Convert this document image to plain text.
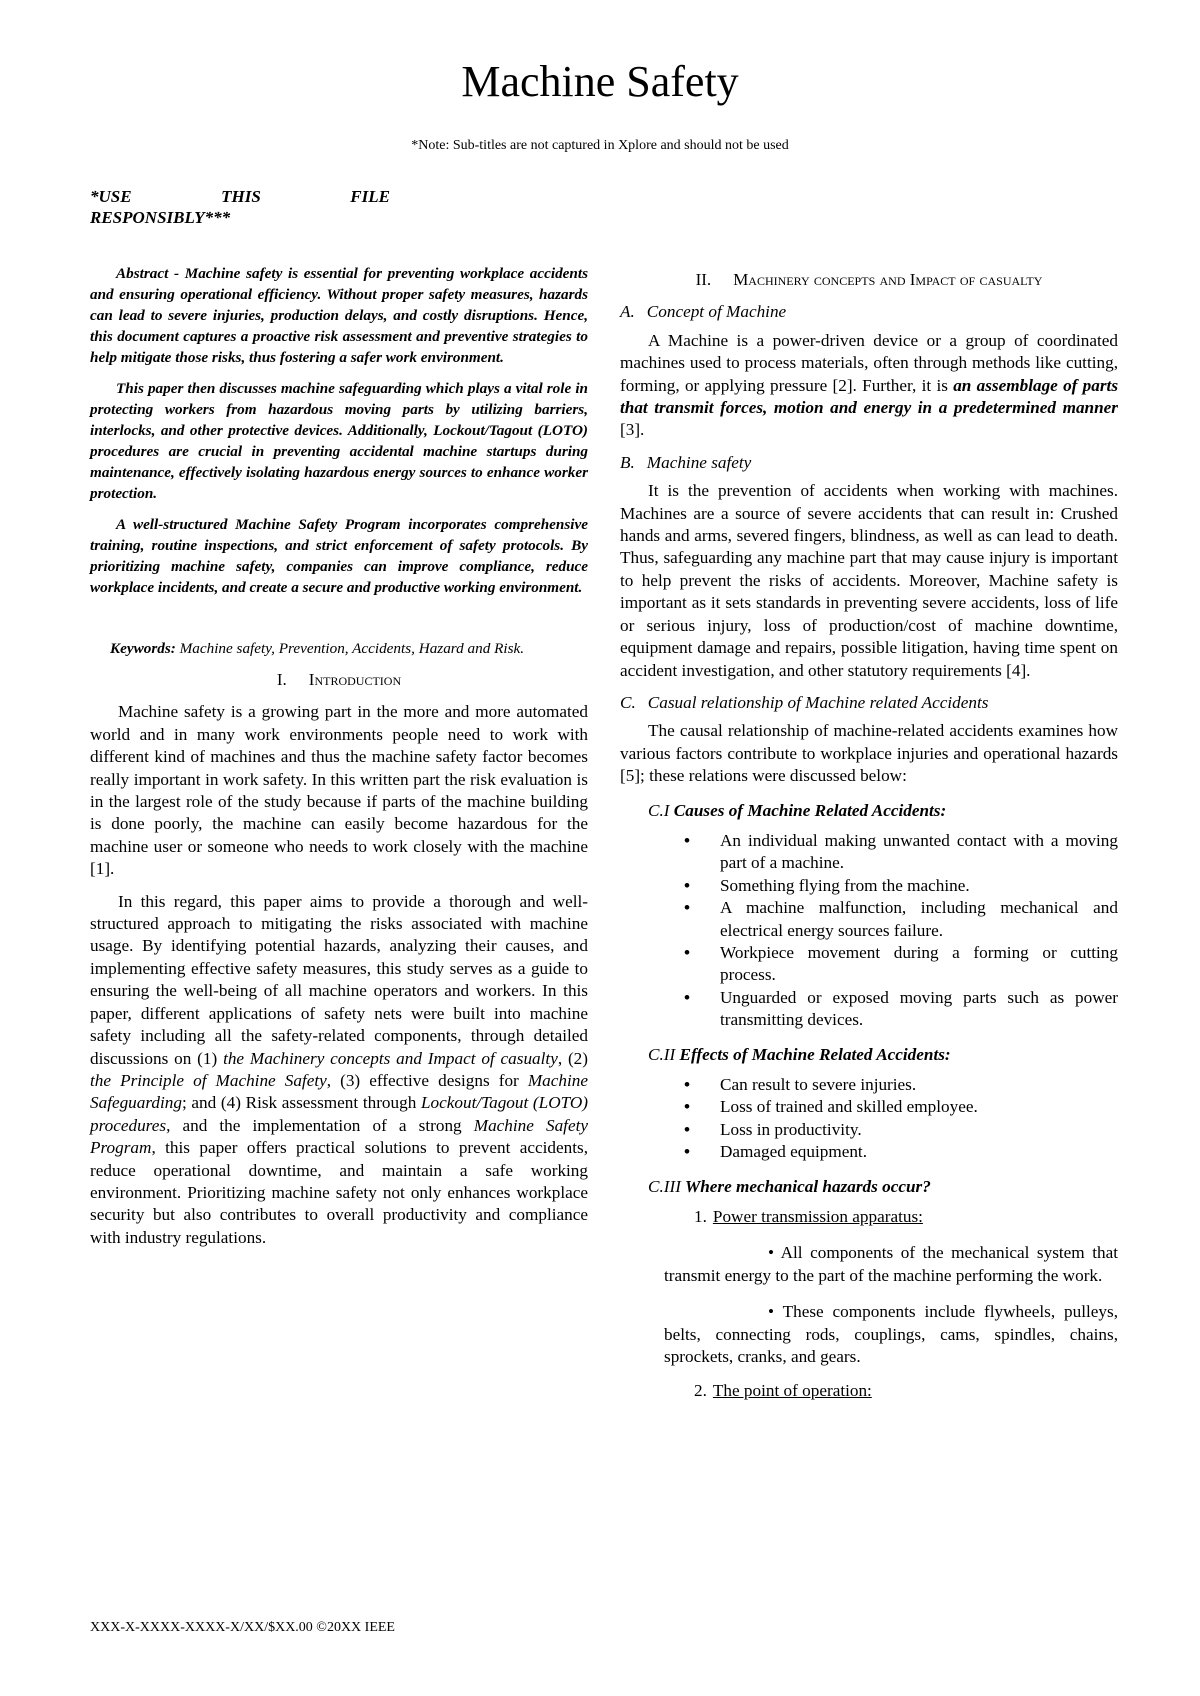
Machine Safety
*Note: Sub-titles are not captured in Xplore and should not be used
*USE	THIS	FILE
RESPONSIBLY***

Abstract - Machine safety is essential for preventing workplace accidents and ensuring operational efficiency. Without proper safety measures, hazards can lead to severe injuries, production delays, and costly disruptions. Hence, this document captures a proactive risk assessment and preventive strategies to help mitigate those risks, thus fostering a safer work environment.

This paper then discusses machine safeguarding which plays a vital role in protecting workers from hazardous moving parts by utilizing barriers, interlocks, and other protective devices. Additionally, Lockout/Tagout (LOTO) procedures are crucial in preventing accidental machine startups during maintenance, effectively isolating hazardous energy sources to enhance worker protection.

A well-structured Machine Safety Program incorporates comprehensive training, routine inspections, and strict enforcement of safety protocols. By prioritizing machine safety, companies can improve compliance, reduce workplace incidents, and create a secure and productive working environment.

Keywords: Machine safety, Prevention, Accidents, Hazard and Risk.

I. Introduction

Machine safety is a growing part in the more and more automated world and in many work environments people need to work with different kind of machines and thus the machine safety factor becomes really important in work safety. In this written part the risk evaluation is in the largest role of the study because if parts of the machine building is done poorly, the machine can easily become hazardous for the machine user or someone who needs to work closely with the machine [1].

In this regard, this paper aims to provide a thorough and well-structured approach to mitigating the risks associated with machine usage. By identifying potential hazards, analyzing their causes, and implementing effective safety measures, this study serves as a guide to ensuring the well-being of all machine operators and workers. In this paper, different applications of safety nets were built into machine safety including all the safety-related components, through detailed discussions on (1) the Machinery concepts and Impact of casualty, (2) the Principle of Machine Safety, (3) effective designs for Machine Safeguarding; and (4) Risk assessment through Lockout/Tagout (LOTO) procedures, and the implementation of a strong Machine Safety Program, this paper offers practical solutions to prevent accidents, reduce operational downtime, and maintain a safe working environment. Prioritizing machine safety not only enhances workplace security but also contributes to overall productivity and compliance with industry regulations.

II. Machinery concepts and Impact of casualty
A. Concept of Machine

A Machine is a power-driven device or a group of coordinated machines used to process materials, often through methods like cutting, forming, or applying pressure [2]. Further, it is an assemblage of parts that transmit forces, motion and energy in a predetermined manner [3].

B. Machine safety

It is the prevention of accidents when working with machines. Machines are a source of severe accidents that can result in: Crushed hands and arms, severed fingers, blindness, as well as can lead to death. Thus, safeguarding any machine part that may cause injury is important to help prevent the risks of accidents. Moreover, Machine safety is important as it sets standards in preventing severe accidents, loss of life or serious injury, loss of production/cost of machine downtime, equipment damage and repairs, possible litigation, having time spent on accident investigation, and other statutory requirements [4].

C. Casual relationship of Machine related Accidents

The causal relationship of machine-related accidents examines how various factors contribute to workplace injuries and operational hazards [5]; these relations were discussed below:

C.I Causes of Machine Related Accidents:
• An individual making unwanted contact with a moving part of a machine.
• Something flying from the machine.
• A machine malfunction, including mechanical and electrical energy sources failure.
• Workpiece movement during a forming or cutting process.
• Unguarded or exposed moving parts such as power transmitting devices.
C.II Effects of Machine Related Accidents:
• Can result to severe injuries.
• Loss of trained and skilled employee.
• Loss in productivity.
• Damaged equipment.
C.III Where mechanical hazards occur?
1. Power transmission apparatus:

• All components of the mechanical system that transmit energy to the part of the machine performing the work.

• These components include flywheels, pulleys, belts, connecting rods, couplings, cams, spindles, chains, sprockets, cranks, and gears.

2. The point of operation:
XXX-X-XXXX-XXXX-X/XX/$XX.00 ©20XX IEEE
